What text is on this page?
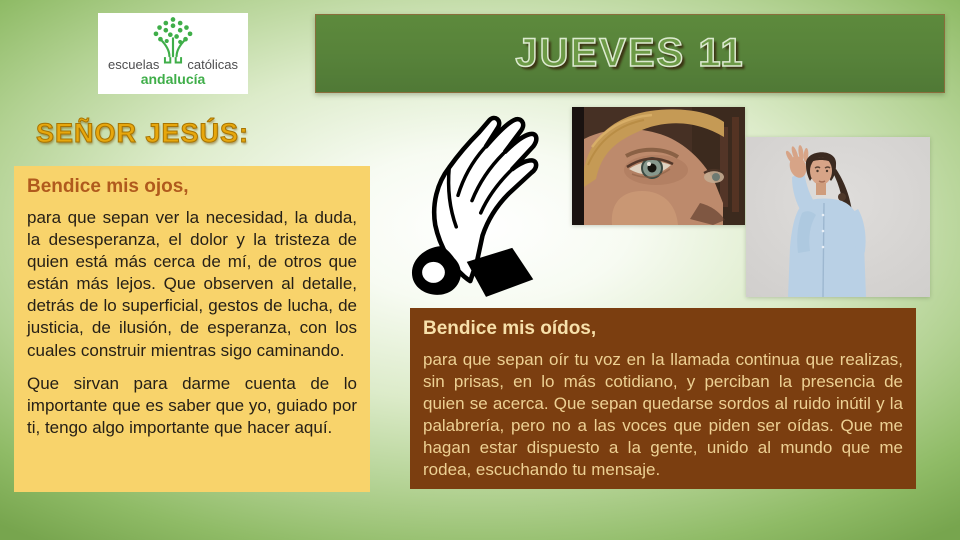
escuelas católicas
andalucía
JUEVES 11
SEÑOR JESÚS:
Bendice mis ojos,

para que sepan ver la necesidad, la duda, la desesperanza, el dolor y la tristeza de quien está más cerca de mí, de otros que están más lejos. Que observen al detalle, detrás de lo superficial, gestos de lucha, de justicia, de ilusión, de esperanza, con los cuales construir mientras sigo caminando.

Que sirvan para darme cuenta de lo importante que es saber que yo, guiado por ti, tengo algo importante que hacer aquí.

Bendice mis oídos,

para que sepan oír tu voz en la llamada continua que realizas, sin prisas, en lo más cotidiano, y perciban la presencia de quien se acerca. Que sepan quedarse sordos al ruido inútil y la palabrería, pero no a las voces que piden ser oídas. Que me hagan estar dispuesto a la gente, unido al mundo que me rodea, escuchando tu mensaje.
